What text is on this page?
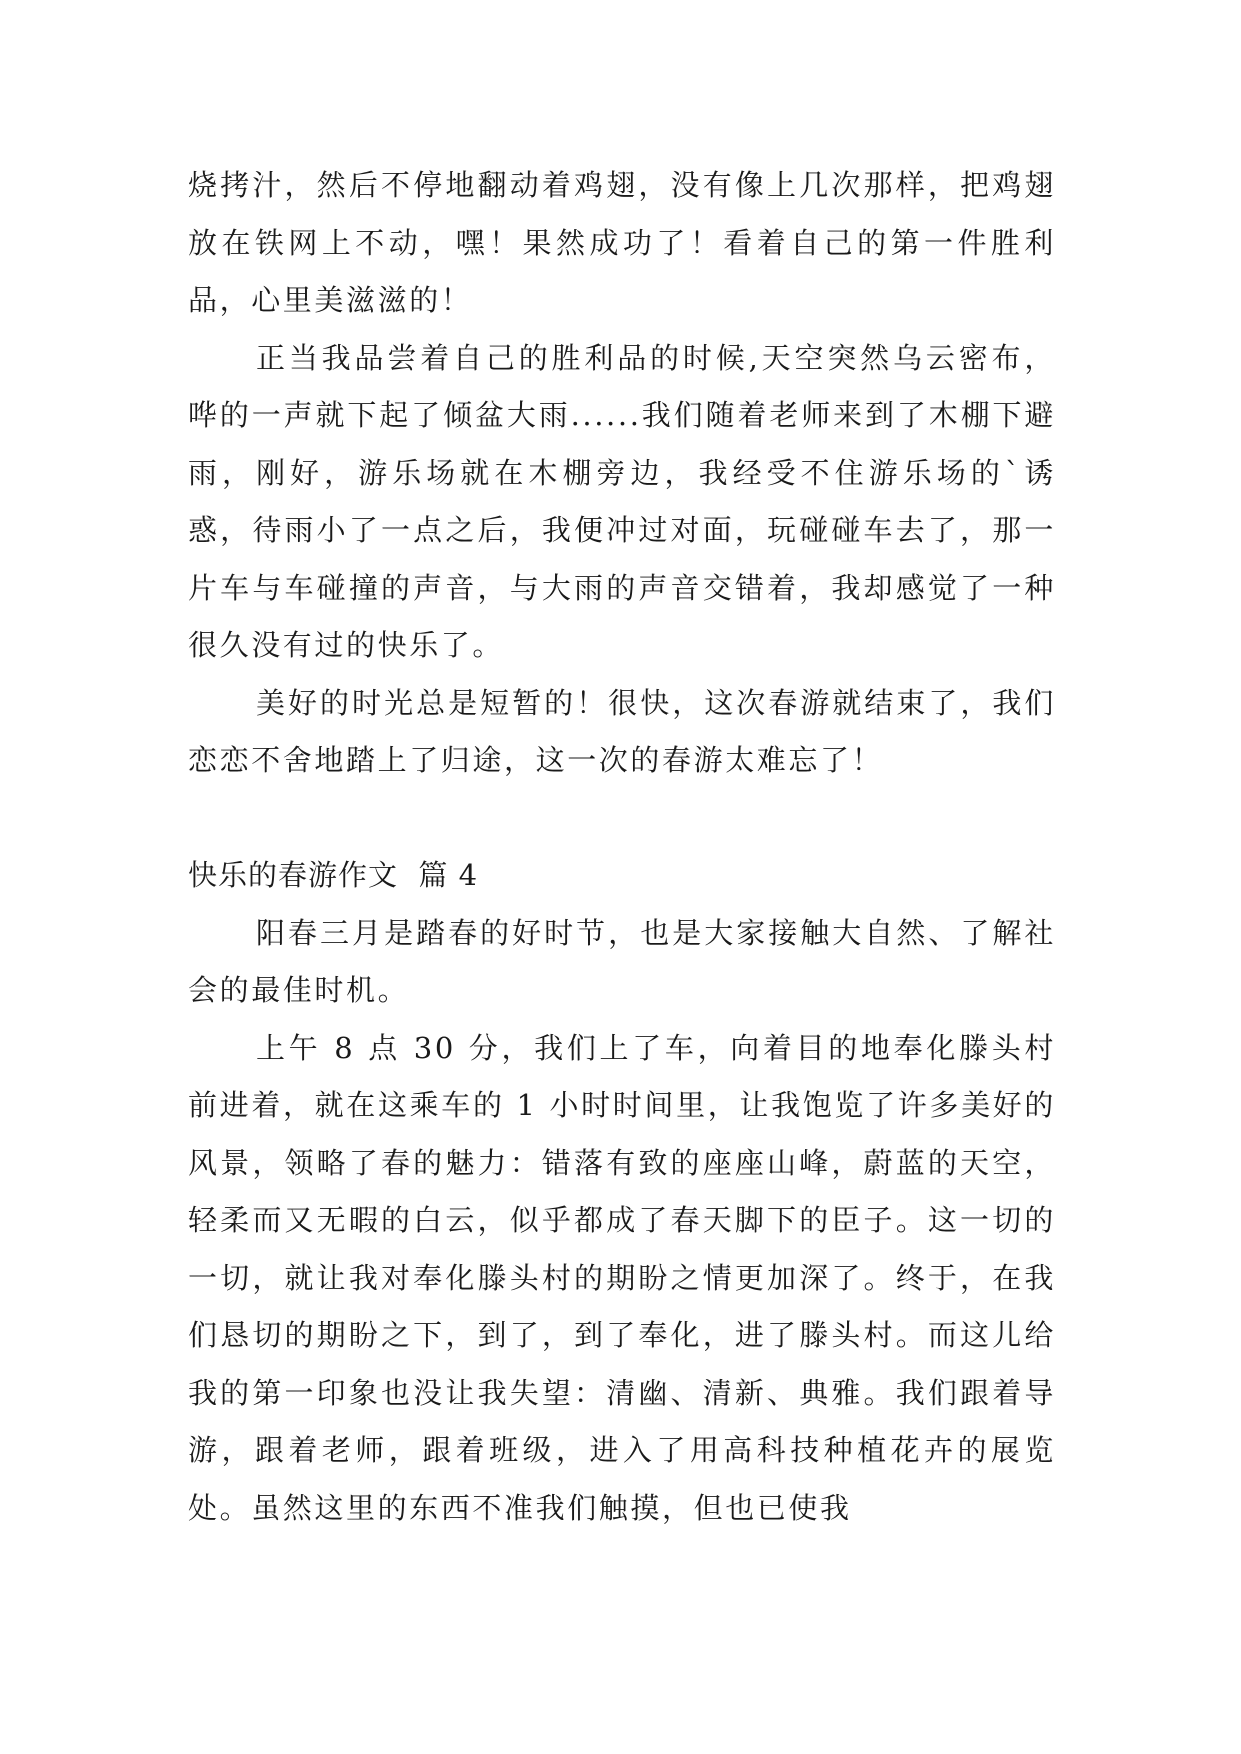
烧拷汁，然后不停地翻动着鸡翅，没有像上几次那样，把鸡翅放在铁网上不动，嘿！果然成功了！看着自己的第一件胜利品，心里美滋滋的！

正当我品尝着自己的胜利品的时候,天空突然乌云密布，哗的一声就下起了倾盆大雨......我们随着老师来到了木棚下避雨，刚好，游乐场就在木棚旁边，我经受不住游乐场的`诱惑，待雨小了一点之后，我便冲过对面，玩碰碰车去了，那一片车与车碰撞的声音，与大雨的声音交错着，我却感觉了一种很久没有过的快乐了。

美好的时光总是短暂的！很快，这次春游就结束了，我们恋恋不舍地踏上了归途，这一次的春游太难忘了！

快乐的春游作文  篇 4

阳春三月是踏春的好时节，也是大家接触大自然、了解社会的最佳时机。

上午 8 点 30 分，我们上了车，向着目的地奉化滕头村前进着，就在这乘车的 1 小时时间里，让我饱览了许多美好的风景，领略了春的魅力：错落有致的座座山峰，蔚蓝的天空，轻柔而又无暇的白云，似乎都成了春天脚下的臣子。这一切的一切，就让我对奉化滕头村的期盼之情更加深了。终于，在我们恳切的期盼之下，到了，到了奉化，进了滕头村。而这儿给我的第一印象也没让我失望：清幽、清新、典雅。我们跟着导游，跟着老师，跟着班级，进入了用高科技种植花卉的展览处。虽然这里的东西不准我们触摸，但也已使我
